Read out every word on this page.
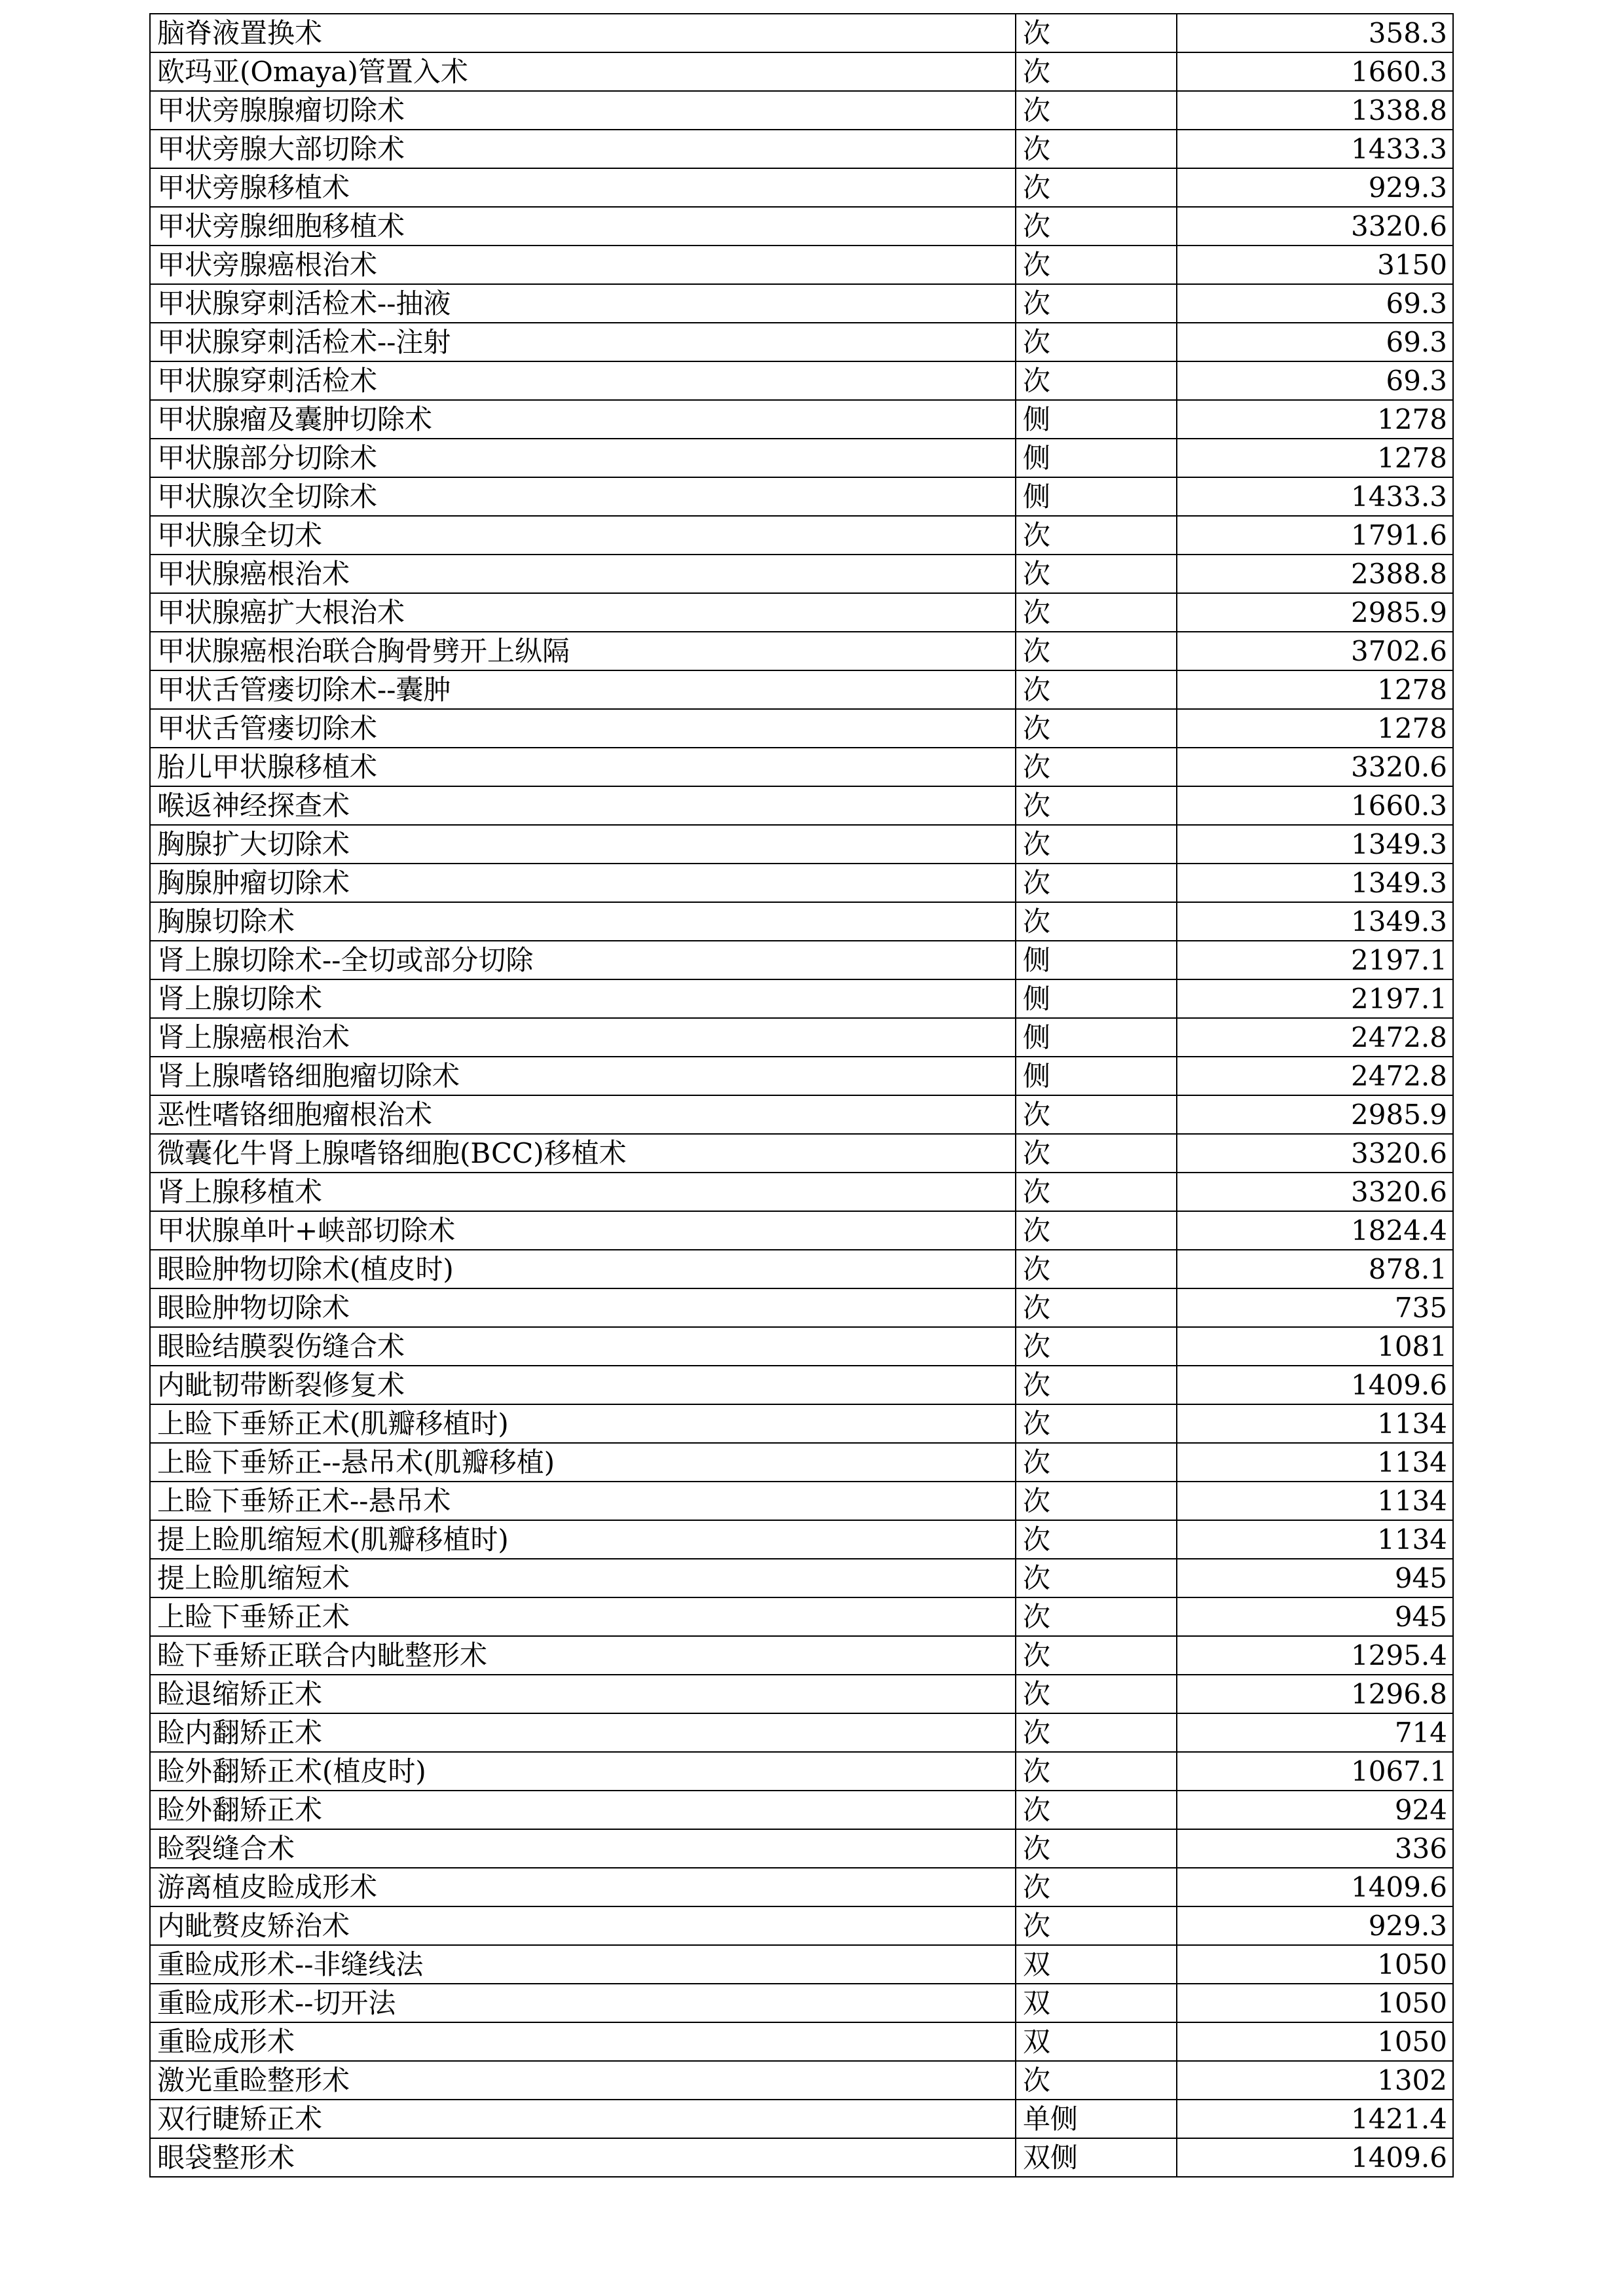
脑脊液置换术	次	358.3
欧玛亚(Omaya)管置入术	次	1660.3
甲状旁腺腺瘤切除术	次	1338.8
甲状旁腺大部切除术	次	1433.3
甲状旁腺移植术	次	929.3
甲状旁腺细胞移植术	次	3320.6
甲状旁腺癌根治术	次	3150
甲状腺穿刺活检术--抽液	次	69.3
甲状腺穿刺活检术--注射	次	69.3
甲状腺穿刺活检术	次	69.3
甲状腺瘤及囊肿切除术	侧	1278
甲状腺部分切除术	侧	1278
甲状腺次全切除术	侧	1433.3
甲状腺全切术	次	1791.6
甲状腺癌根治术	次	2388.8
甲状腺癌扩大根治术	次	2985.9
甲状腺癌根治联合胸骨劈开上纵隔	次	3702.6
甲状舌管瘘切除术--囊肿	次	1278
甲状舌管瘘切除术	次	1278
胎儿甲状腺移植术	次	3320.6
喉返神经探查术	次	1660.3
胸腺扩大切除术	次	1349.3
胸腺肿瘤切除术	次	1349.3
胸腺切除术	次	1349.3
肾上腺切除术--全切或部分切除	侧	2197.1
肾上腺切除术	侧	2197.1
肾上腺癌根治术	侧	2472.8
肾上腺嗜铬细胞瘤切除术	侧	2472.8
恶性嗜铬细胞瘤根治术	次	2985.9
微囊化牛肾上腺嗜铬细胞(BCC)移植术	次	3320.6
肾上腺移植术	次	3320.6
甲状腺单叶+峡部切除术	次	1824.4
眼睑肿物切除术(植皮时)	次	878.1
眼睑肿物切除术	次	735
眼睑结膜裂伤缝合术	次	1081
内眦韧带断裂修复术	次	1409.6
上睑下垂矫正术(肌瓣移植时)	次	1134
上睑下垂矫正--悬吊术(肌瓣移植)	次	1134
上睑下垂矫正术--悬吊术	次	1134
提上睑肌缩短术(肌瓣移植时)	次	1134
提上睑肌缩短术	次	945
上睑下垂矫正术	次	945
睑下垂矫正联合内眦整形术	次	1295.4
睑退缩矫正术	次	1296.8
睑内翻矫正术	次	714
睑外翻矫正术(植皮时)	次	1067.1
睑外翻矫正术	次	924
睑裂缝合术	次	336
游离植皮睑成形术	次	1409.6
内眦赘皮矫治术	次	929.3
重睑成形术--非缝线法	双	1050
重睑成形术--切开法	双	1050
重睑成形术	双	1050
激光重睑整形术	次	1302
双行睫矫正术	单侧	1421.4
眼袋整形术	双侧	1409.6
